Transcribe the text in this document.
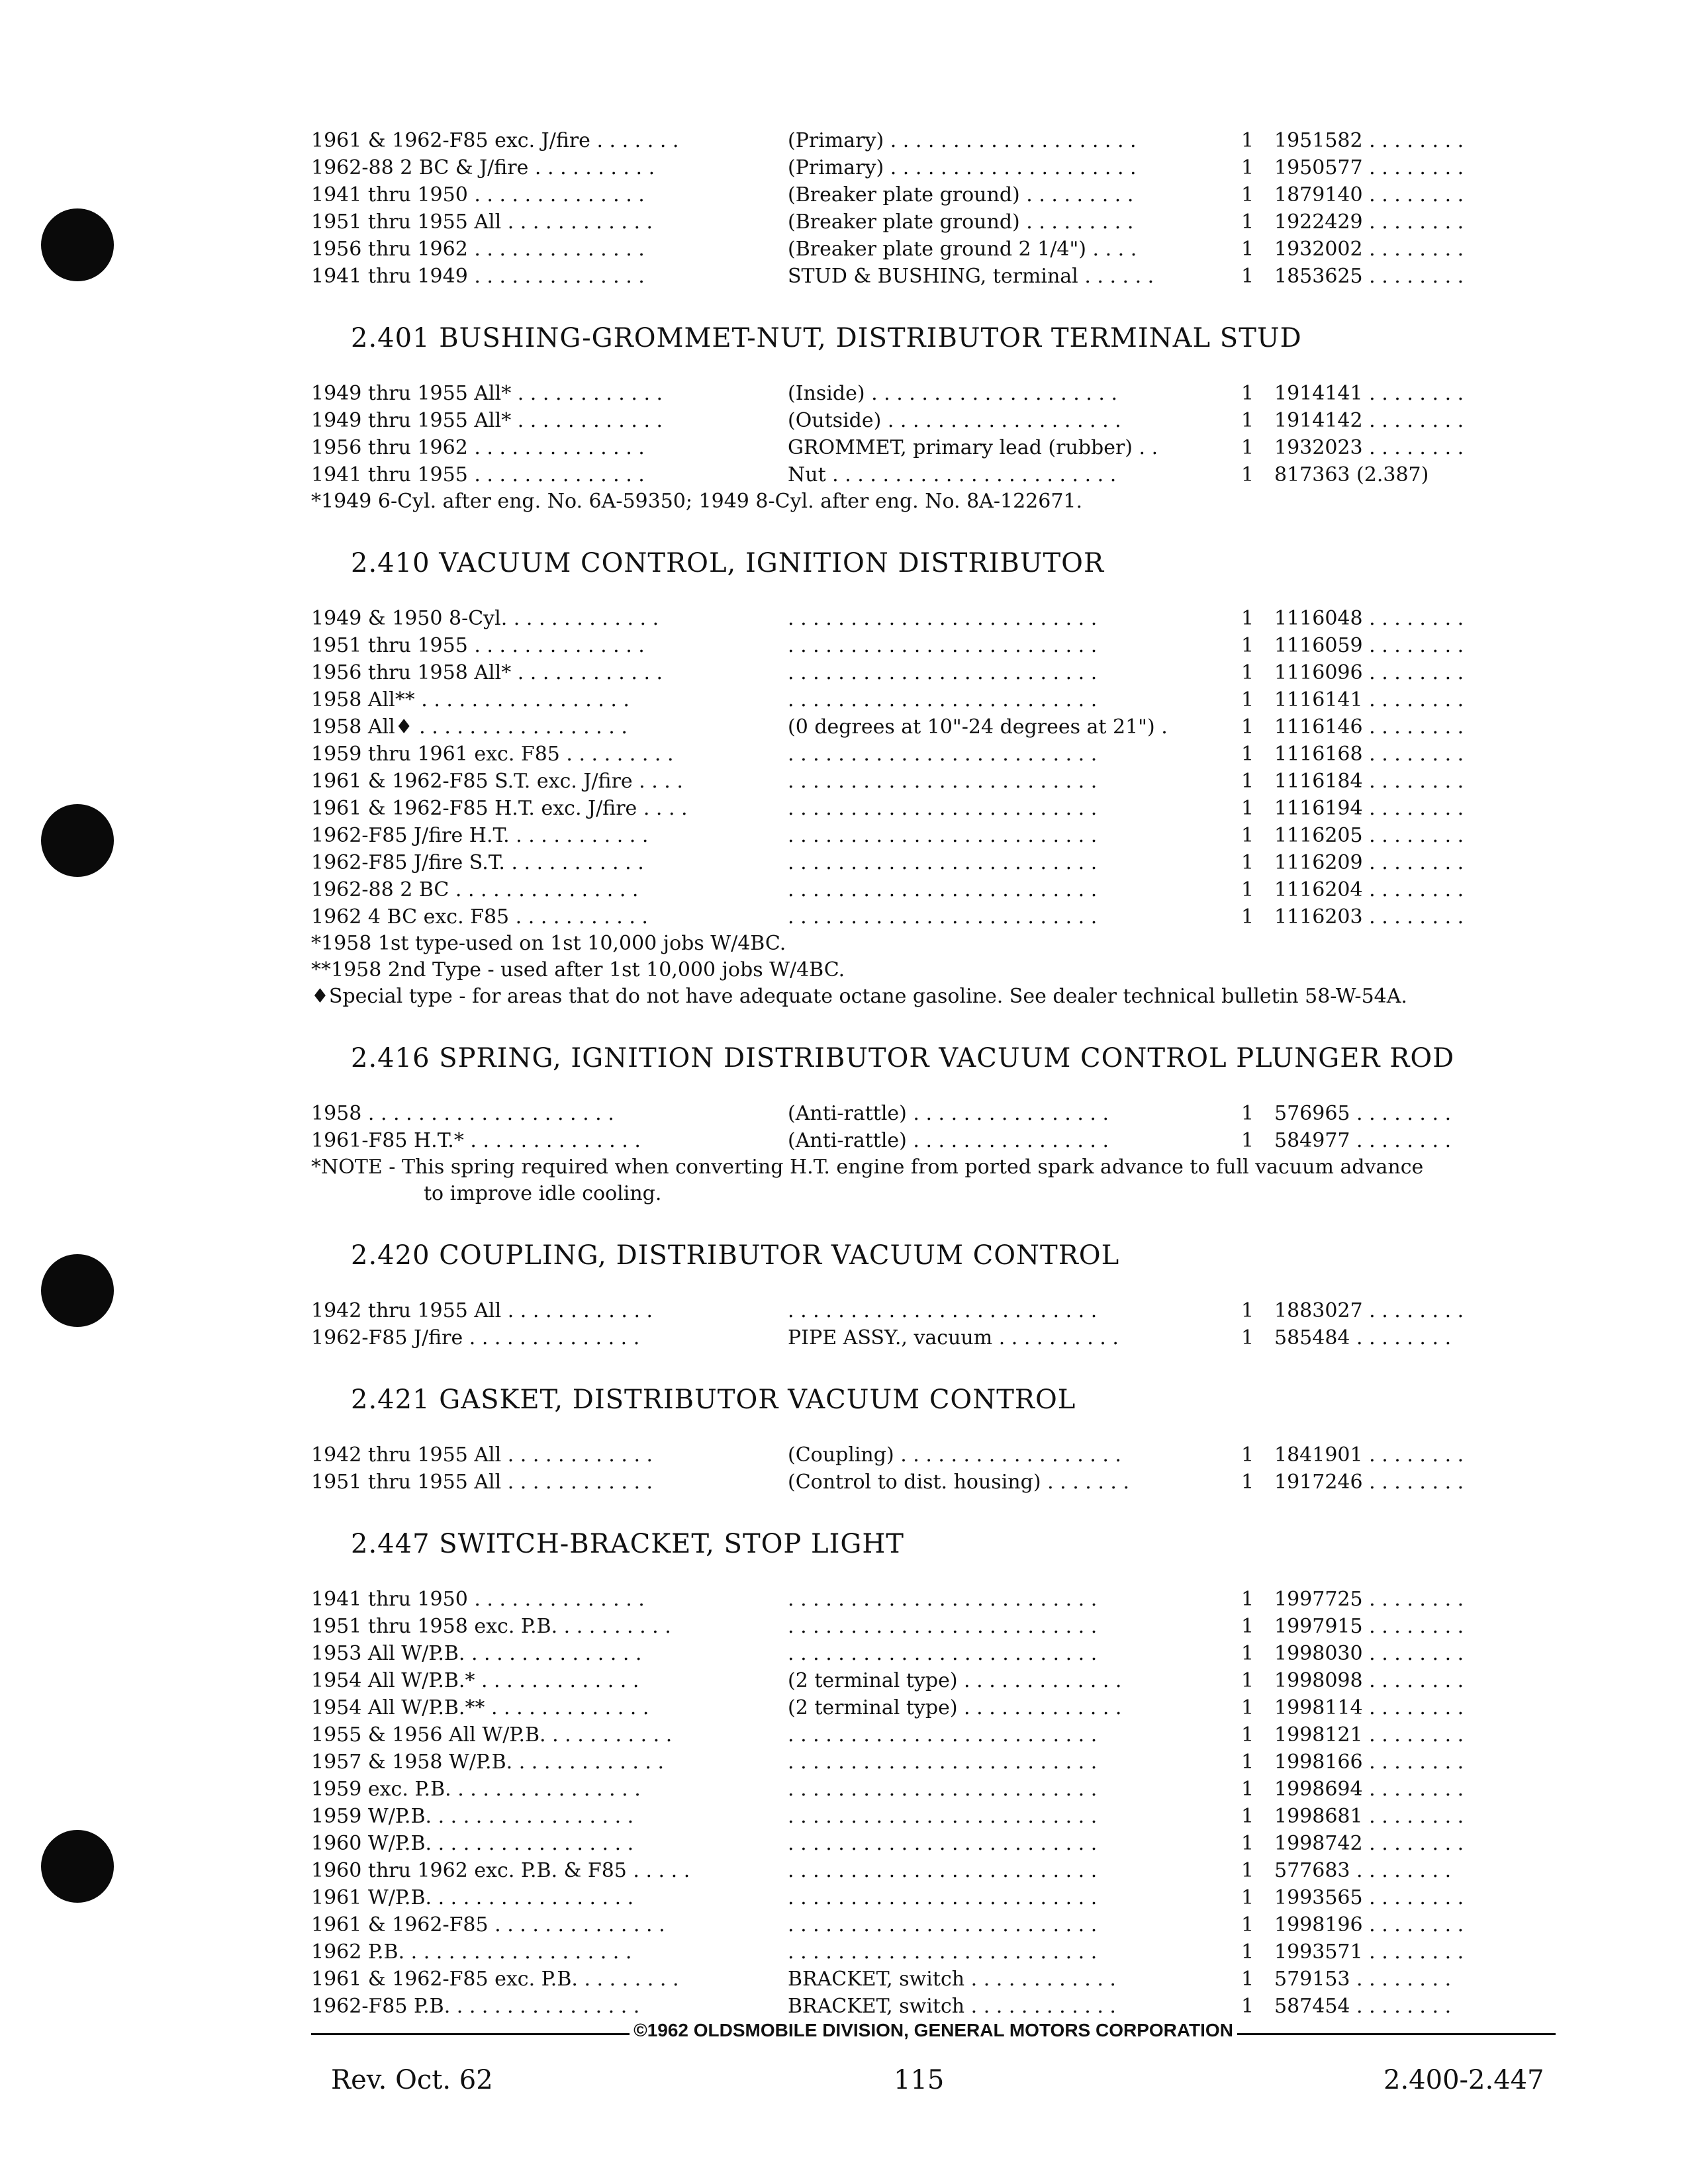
1961 & 1962-F85 exc. J/fire . . . . . . .	(Primary) . . . . . . . . . . . . . . . . . . . .	1	1951582 . . . . . . . .
1962-88 2 BC & J/fire . . . . . . . . . .	(Primary) . . . . . . . . . . . . . . . . . . . .	1	1950577 . . . . . . . .
1941 thru 1950 . . . . . . . . . . . . . .	(Breaker plate ground) . . . . . . . . .	1	1879140 . . . . . . . .
1951 thru 1955 All . . . . . . . . . . . .	(Breaker plate ground) . . . . . . . . .	1	1922429 . . . . . . . .
1956 thru 1962 . . . . . . . . . . . . . .	(Breaker plate ground 2 1/4") . . . .	1	1932002 . . . . . . . .
1941 thru 1949 . . . . . . . . . . . . . .	STUD & BUSHING, terminal . . . . . .	1	1853625 . . . . . . . .
2.401 BUSHING-GROMMET-NUT, DISTRIBUTOR TERMINAL STUD
1949 thru 1955 All* . . . . . . . . . . . .	(Inside) . . . . . . . . . . . . . . . . . . . .	1	1914141 . . . . . . . .
1949 thru 1955 All* . . . . . . . . . . . .	(Outside) . . . . . . . . . . . . . . . . . . .	1	1914142 . . . . . . . .
1956 thru 1962 . . . . . . . . . . . . . .	GROMMET, primary lead (rubber) . .	1	1932023 . . . . . . . .
1941 thru 1955 . . . . . . . . . . . . . .	Nut . . . . . . . . . . . . . . . . . . . . . . .	1	817363 (2.387)
*1949 6-Cyl. after eng. No. 6A-59350; 1949 8-Cyl. after eng. No. 8A-122671.
2.410 VACUUM CONTROL, IGNITION DISTRIBUTOR
1949 & 1950 8-Cyl. . . . . . . . . . . . .	. . . . . . . . . . . . . . . . . . . . . . . . .	1	1116048 . . . . . . . .
1951 thru 1955 . . . . . . . . . . . . . .	. . . . . . . . . . . . . . . . . . . . . . . . .	1	1116059 . . . . . . . .
1956 thru 1958 All* . . . . . . . . . . . .	. . . . . . . . . . . . . . . . . . . . . . . . .	1	1116096 . . . . . . . .
1958 All** . . . . . . . . . . . . . . . . .	. . . . . . . . . . . . . . . . . . . . . . . . .	1	1116141 . . . . . . . .
1958 All♦ . . . . . . . . . . . . . . . . .	(0 degrees at 10"-24 degrees at 21") .	1	1116146 . . . . . . . .
1959 thru 1961 exc. F85 . . . . . . . . .	. . . . . . . . . . . . . . . . . . . . . . . . .	1	1116168 . . . . . . . .
1961 & 1962-F85 S.T. exc. J/fire . . . .	. . . . . . . . . . . . . . . . . . . . . . . . .	1	1116184 . . . . . . . .
1961 & 1962-F85 H.T. exc. J/fire . . . .	. . . . . . . . . . . . . . . . . . . . . . . . .	1	1116194 . . . . . . . .
1962-F85 J/fire H.T. . . . . . . . . . . .	. . . . . . . . . . . . . . . . . . . . . . . . .	1	1116205 . . . . . . . .
1962-F85 J/fire S.T. . . . . . . . . . . .	. . . . . . . . . . . . . . . . . . . . . . . . .	1	1116209 . . . . . . . .
1962-88 2 BC . . . . . . . . . . . . . . .	. . . . . . . . . . . . . . . . . . . . . . . . .	1	1116204 . . . . . . . .
1962 4 BC exc. F85 . . . . . . . . . . .	. . . . . . . . . . . . . . . . . . . . . . . . .	1	1116203 . . . . . . . .
*1958 1st type-used on 1st 10,000 jobs W/4BC.
**1958 2nd Type - used after 1st 10,000 jobs W/4BC.
♦Special type - for areas that do not have adequate octane gasoline. See dealer technical bulletin 58-W-54A.
2.416 SPRING, IGNITION DISTRIBUTOR VACUUM CONTROL PLUNGER ROD
1958 . . . . . . . . . . . . . . . . . . . .	(Anti-rattle) . . . . . . . . . . . . . . . .	1	576965 . . . . . . . .
1961-F85 H.T.* . . . . . . . . . . . . . .	(Anti-rattle) . . . . . . . . . . . . . . . .	1	584977 . . . . . . . .
*NOTE - This spring required when converting H.T. engine from ported spark advance to full vacuum advance
to improve idle cooling.
2.420 COUPLING, DISTRIBUTOR VACUUM CONTROL
1942 thru 1955 All . . . . . . . . . . . .	. . . . . . . . . . . . . . . . . . . . . . . . .	1	1883027 . . . . . . . .
1962-F85 J/fire . . . . . . . . . . . . . .	PIPE ASSY., vacuum . . . . . . . . . .	1	585484 . . . . . . . .
2.421 GASKET, DISTRIBUTOR VACUUM CONTROL
1942 thru 1955 All . . . . . . . . . . . .	(Coupling) . . . . . . . . . . . . . . . . . .	1	1841901 . . . . . . . .
1951 thru 1955 All . . . . . . . . . . . .	(Control to dist. housing) . . . . . . .	1	1917246 . . . . . . . .
2.447 SWITCH-BRACKET, STOP LIGHT
1941 thru 1950 . . . . . . . . . . . . . .	. . . . . . . . . . . . . . . . . . . . . . . . .	1	1997725 . . . . . . . .
1951 thru 1958 exc. P.B. . . . . . . . . .	. . . . . . . . . . . . . . . . . . . . . . . . .	1	1997915 . . . . . . . .
1953 All W/P.B. . . . . . . . . . . . . . .	. . . . . . . . . . . . . . . . . . . . . . . . .	1	1998030 . . . . . . . .
1954 All W/P.B.* . . . . . . . . . . . . .	(2 terminal type) . . . . . . . . . . . . .	1	1998098 . . . . . . . .
1954 All W/P.B.** . . . . . . . . . . . . .	(2 terminal type) . . . . . . . . . . . . .	1	1998114 . . . . . . . .
1955 & 1956 All W/P.B. . . . . . . . . . .	. . . . . . . . . . . . . . . . . . . . . . . . .	1	1998121 . . . . . . . .
1957 & 1958 W/P.B. . . . . . . . . . . . .	. . . . . . . . . . . . . . . . . . . . . . . . .	1	1998166 . . . . . . . .
1959 exc. P.B. . . . . . . . . . . . . . . .	. . . . . . . . . . . . . . . . . . . . . . . . .	1	1998694 . . . . . . . .
1959 W/P.B. . . . . . . . . . . . . . . . .	. . . . . . . . . . . . . . . . . . . . . . . . .	1	1998681 . . . . . . . .
1960 W/P.B. . . . . . . . . . . . . . . . .	. . . . . . . . . . . . . . . . . . . . . . . . .	1	1998742 . . . . . . . .
1960 thru 1962 exc. P.B. & F85 . . . . .	. . . . . . . . . . . . . . . . . . . . . . . . .	1	577683 . . . . . . . .
1961 W/P.B. . . . . . . . . . . . . . . . .	. . . . . . . . . . . . . . . . . . . . . . . . .	1	1993565 . . . . . . . .
1961 & 1962-F85 . . . . . . . . . . . . . .	. . . . . . . . . . . . . . . . . . . . . . . . .	1	1998196 . . . . . . . .
1962 P.B. . . . . . . . . . . . . . . . . . .	. . . . . . . . . . . . . . . . . . . . . . . . .	1	1993571 . . . . . . . .
1961 & 1962-F85 exc. P.B. . . . . . . . .	BRACKET, switch . . . . . . . . . . . .	1	579153 . . . . . . . .
1962-F85 P.B. . . . . . . . . . . . . . . .	BRACKET, switch . . . . . . . . . . . .	1	587454 . . . . . . . .
©1962 OLDSMOBILE DIVISION, GENERAL MOTORS CORPORATION
Rev. Oct. 62	115	2.400-2.447
